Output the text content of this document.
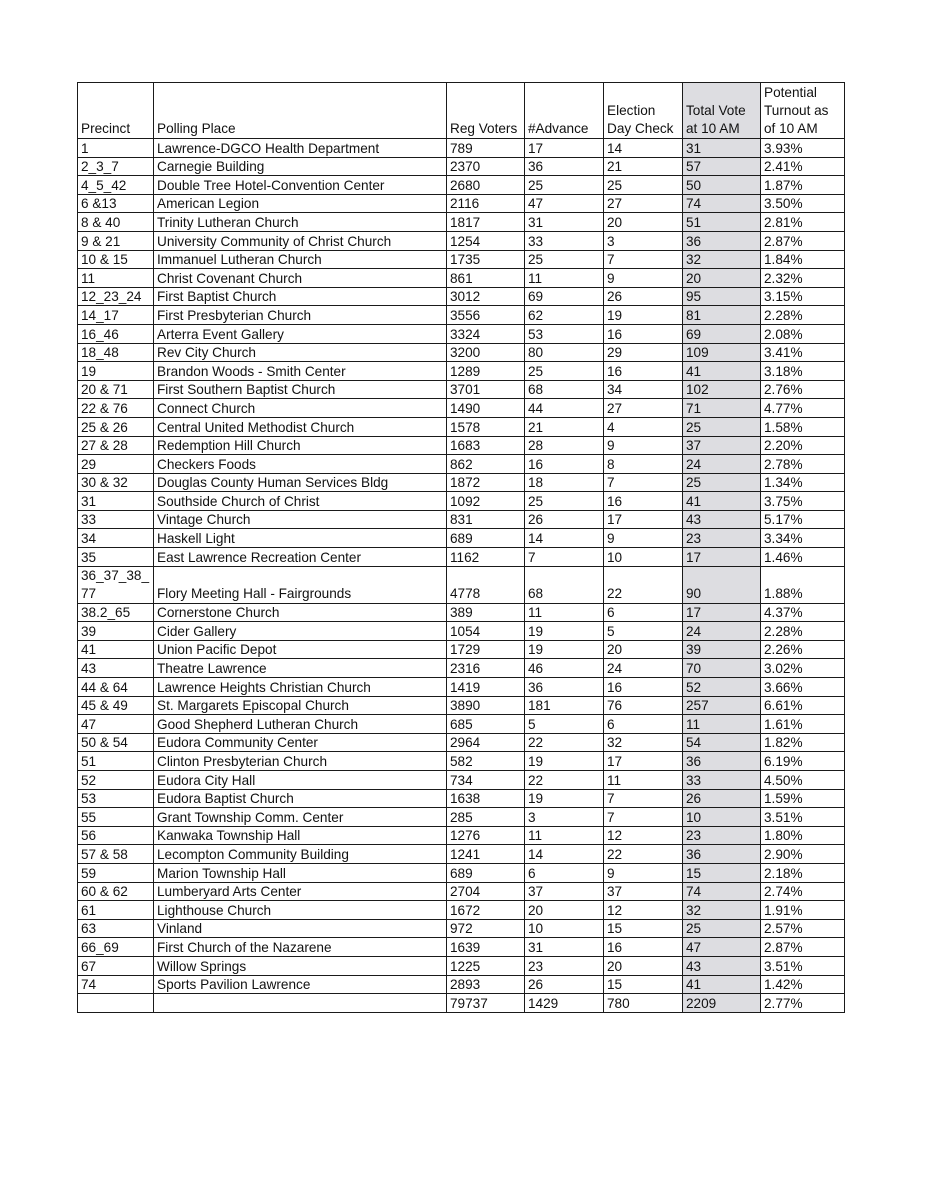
Precinct	Polling Place	Reg Voters	#Advance	Election Day Check	Total Vote at 10 AM	Potential Turnout as of 10 AM
1	Lawrence-DGCO Health Department	789	17	14	31	3.93%
2_3_7	Carnegie Building	2370	36	21	57	2.41%
4_5_42	Double Tree Hotel-Convention Center	2680	25	25	50	1.87%
6 &13	American Legion	2116	47	27	74	3.50%
8 & 40	Trinity Lutheran Church	1817	31	20	51	2.81%
9 & 21	University Community of Christ Church	1254	33	3	36	2.87%
10 & 15	Immanuel Lutheran Church	1735	25	7	32	1.84%
11	Christ Covenant Church	861	11	9	20	2.32%
12_23_24	First Baptist Church	3012	69	26	95	3.15%
14_17	First Presbyterian Church	3556	62	19	81	2.28%
16_46	Arterra Event Gallery	3324	53	16	69	2.08%
18_48	Rev City Church	3200	80	29	109	3.41%
19	Brandon Woods - Smith Center	1289	25	16	41	3.18%
20 & 71	First Southern Baptist Church	3701	68	34	102	2.76%
22 & 76	Connect Church	1490	44	27	71	4.77%
25 & 26	Central United Methodist Church	1578	21	4	25	1.58%
27 & 28	Redemption Hill Church	1683	28	9	37	2.20%
29	Checkers Foods	862	16	8	24	2.78%
30 & 32	Douglas County Human Services Bldg	1872	18	7	25	1.34%
31	Southside Church of Christ	1092	25	16	41	3.75%
33	Vintage Church	831	26	17	43	5.17%
34	Haskell Light	689	14	9	23	3.34%
35	East Lawrence Recreation Center	1162	7	10	17	1.46%
36_37_38_77	Flory Meeting Hall - Fairgrounds	4778	68	22	90	1.88%
38.2_65	Cornerstone Church	389	11	6	17	4.37%
39	Cider Gallery	1054	19	5	24	2.28%
41	Union Pacific Depot	1729	19	20	39	2.26%
43	Theatre Lawrence	2316	46	24	70	3.02%
44 & 64	Lawrence Heights Christian Church	1419	36	16	52	3.66%
45 & 49	St. Margarets Episcopal Church	3890	181	76	257	6.61%
47	Good Shepherd Lutheran Church	685	5	6	11	1.61%
50 & 54	Eudora Community Center	2964	22	32	54	1.82%
51	Clinton Presbyterian Church	582	19	17	36	6.19%
52	Eudora City Hall	734	22	11	33	4.50%
53	Eudora Baptist Church	1638	19	7	26	1.59%
55	Grant Township Comm. Center	285	3	7	10	3.51%
56	Kanwaka Township Hall	1276	11	12	23	1.80%
57 & 58	Lecompton Community Building	1241	14	22	36	2.90%
59	Marion Township Hall	689	6	9	15	2.18%
60 & 62	Lumberyard Arts Center	2704	37	37	74	2.74%
61	Lighthouse Church	1672	20	12	32	1.91%
63	Vinland	972	10	15	25	2.57%
66_69	First Church of the Nazarene	1639	31	16	47	2.87%
67	Willow Springs	1225	23	20	43	3.51%
74	Sports Pavilion Lawrence	2893	26	15	41	1.42%
		79737	1429	780	2209	2.77%
